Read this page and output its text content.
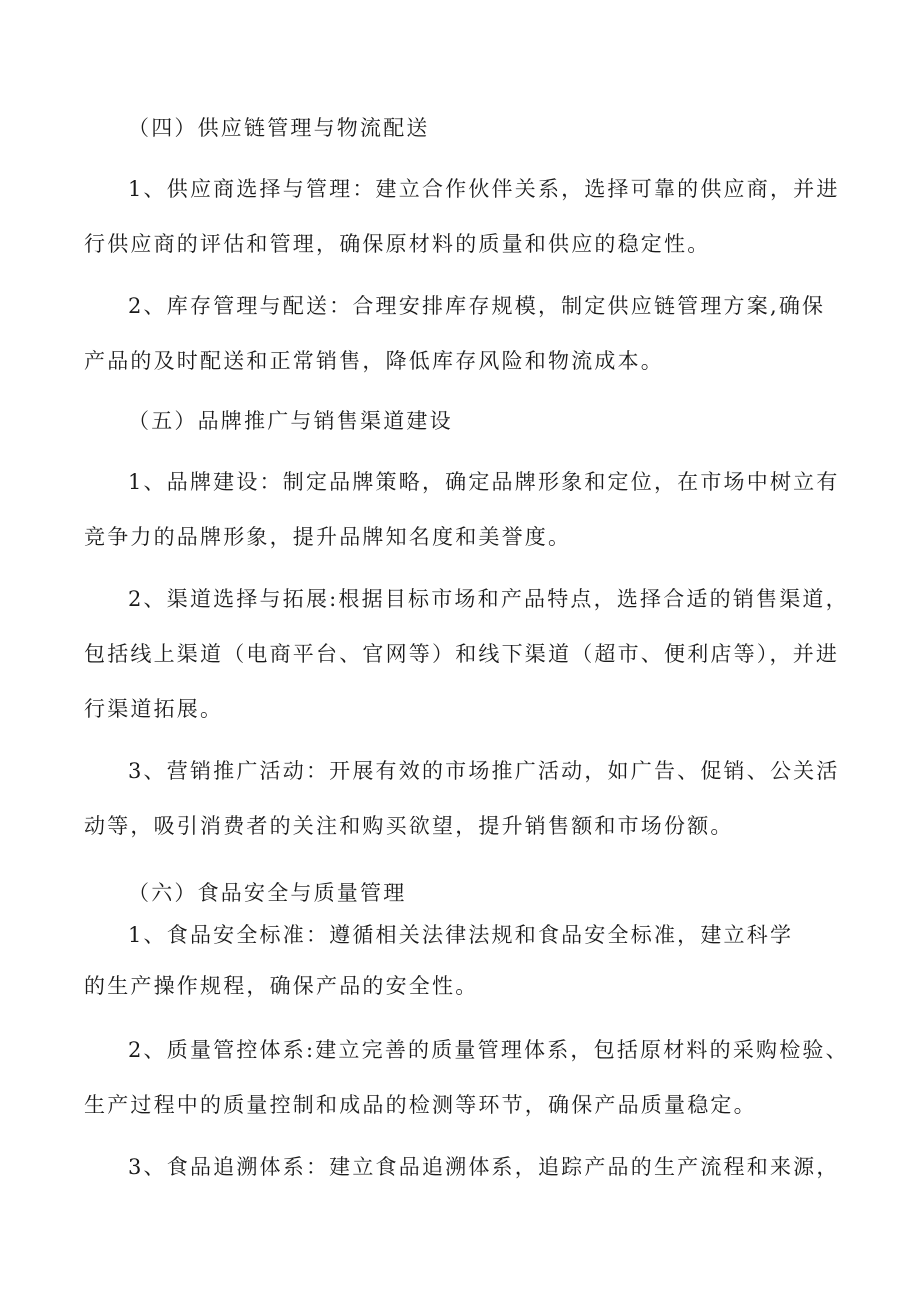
（四）供应链管理与物流配送
1、供应商选择与管理：建立合作伙伴关系，选择可靠的供应商，并进
行供应商的评估和管理，确保原材料的质量和供应的稳定性。
2、库存管理与配送：合理安排库存规模，制定供应链管理方案,确保
产品的及时配送和正常销售，降低库存风险和物流成本。
（五）品牌推广与销售渠道建设
1、品牌建设：制定品牌策略，确定品牌形象和定位，在市场中树立有
竞争力的品牌形象，提升品牌知名度和美誉度。
2、渠道选择与拓展:根据目标市场和产品特点，选择合适的销售渠道，
包括线上渠道（电商平台、官网等）和线下渠道（超市、便利店等），并进
行渠道拓展。
3、营销推广活动：开展有效的市场推广活动，如广告、促销、公关活
动等，吸引消费者的关注和购买欲望，提升销售额和市场份额。
（六）食品安全与质量管理
1、食品安全标准：遵循相关法律法规和食品安全标准，建立科学
的生产操作规程，确保产品的安全性。
2、质量管控体系:建立完善的质量管理体系，包括原材料的采购检验、
生产过程中的质量控制和成品的检测等环节，确保产品质量稳定。
3、食品追溯体系：建立食品追溯体系，追踪产品的生产流程和来源，
